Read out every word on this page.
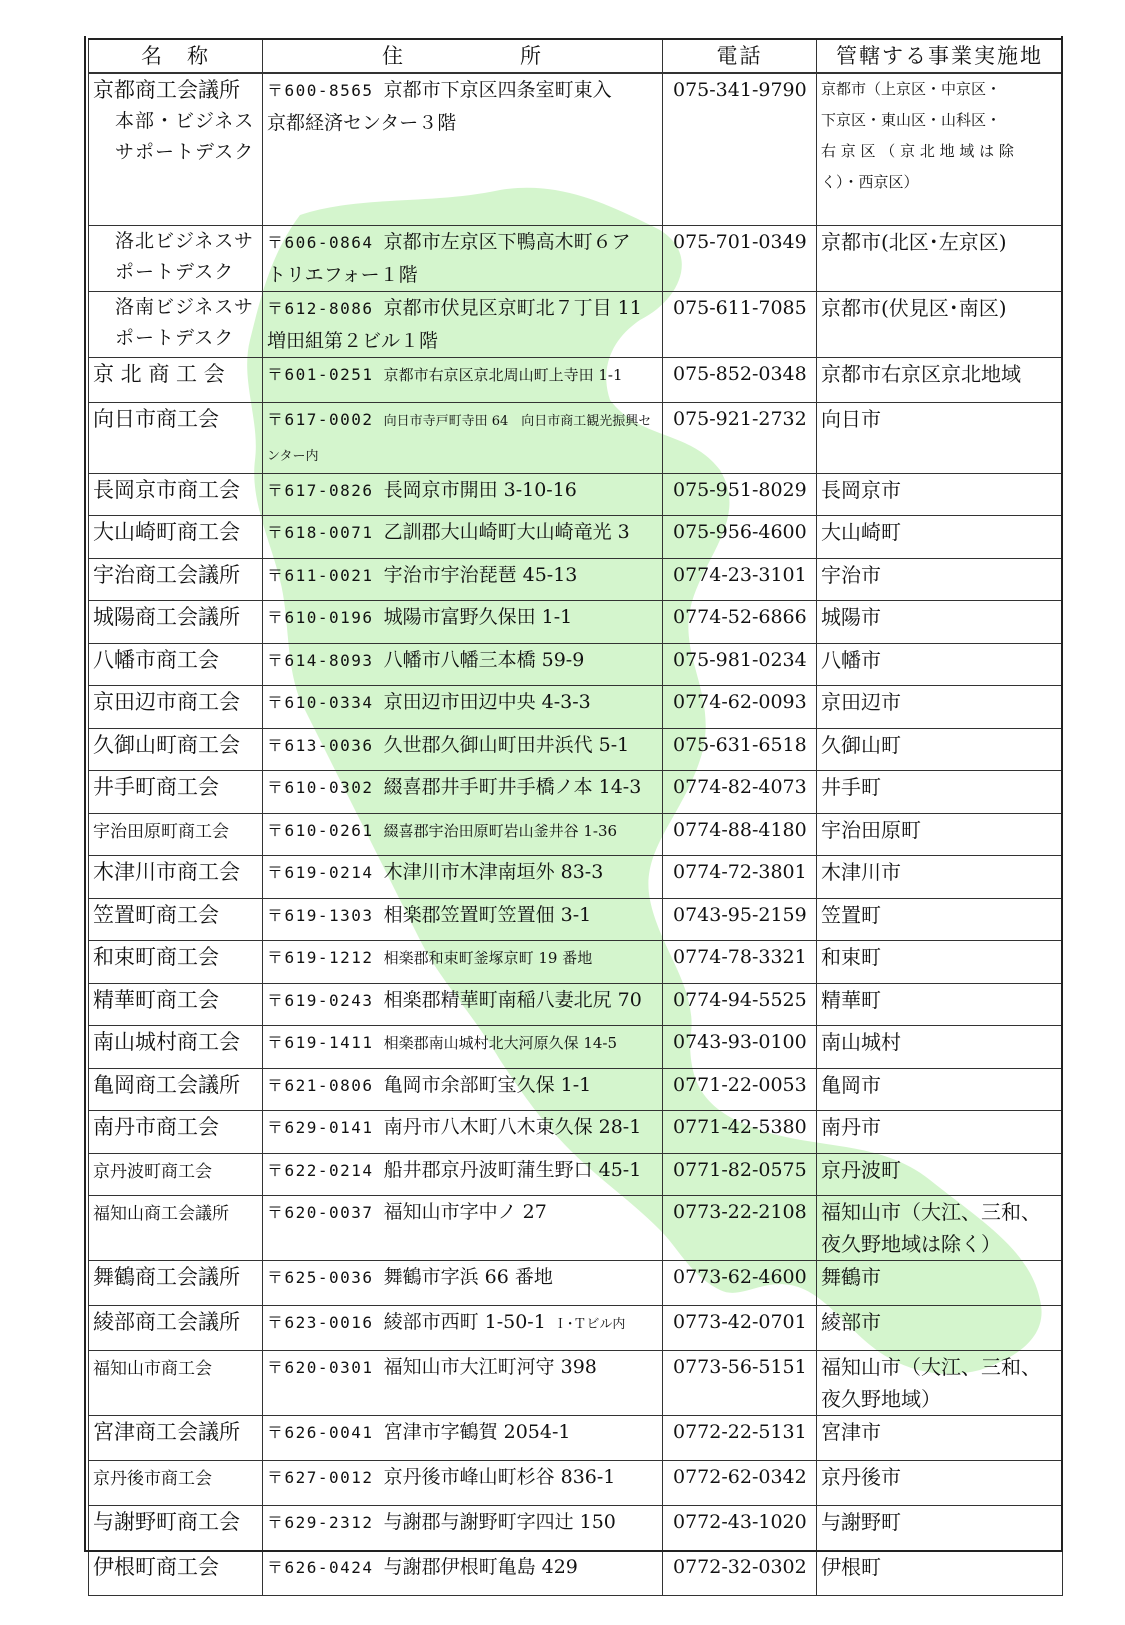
名　称	住　　　　　所	電話	管轄する事業実施地
京都商工会議所
本部・ビジネス
サポートデスク	〒600-8565 京都市下京区四条室町東入
京都経済センター３階	075-341-9790	京都市（上京区・中京区・
下京区・東山区・山科区・
右 京 区 （ 京 北 地 域 は 除
く）・西京区）

洛北ビジネスサ
ポートデスク	〒606-0864 京都市左京区下鴨高木町６ア
トリエフォー１階	075-701-0349	京都市(北区･左京区)

洛南ビジネスサ
ポートデスク	〒612-8086 京都市伏見区京町北７丁目 11
増田組第２ビル１階	075-611-7085	京都市(伏見区･南区)
京 北 商 工 会	〒601-0251 京都市右京区京北周山町上寺田 1-1	075-852-0348	京都市右京区京北地域
向日市商工会	〒617-0002 向日市寺戸町寺田 64　向日市商工観光振興センター内	075-921-2732	向日市
長岡京市商工会	〒617-0826 長岡京市開田 3-10-16	075-951-8029	長岡京市
大山崎町商工会	〒618-0071 乙訓郡大山崎町大山崎竜光 3	075-956-4600	大山崎町
宇治商工会議所	〒611-0021 宇治市宇治琵琶 45-13	0774-23-3101	宇治市
城陽商工会議所	〒610-0196 城陽市富野久保田 1-1	0774-52-6866	城陽市
八幡市商工会	〒614-8093 八幡市八幡三本橋 59-9	075-981-0234	八幡市
京田辺市商工会	〒610-0334 京田辺市田辺中央 4-3-3	0774-62-0093	京田辺市
久御山町商工会	〒613-0036 久世郡久御山町田井浜代 5-1	075-631-6518	久御山町
井手町商工会	〒610-0302 綴喜郡井手町井手橋ノ本 14-3	0774-82-4073	井手町
宇治田原町商工会	〒610-0261 綴喜郡宇治田原町岩山釜井谷 1-36	0774-88-4180	宇治田原町
木津川市商工会	〒619-0214 木津川市木津南垣外 83-3	0774-72-3801	木津川市
笠置町商工会	〒619-1303 相楽郡笠置町笠置佃 3-1	0743-95-2159	笠置町
和束町商工会	〒619-1212 相楽郡和束町釜塚京町 19 番地	0774-78-3321	和束町
精華町商工会	〒619-0243 相楽郡精華町南稲八妻北尻 70	0774-94-5525	精華町
南山城村商工会	〒619-1411 相楽郡南山城村北大河原久保 14-5	0743-93-0100	南山城村
亀岡商工会議所	〒621-0806 亀岡市余部町宝久保 1-1	0771-22-0053	亀岡市
南丹市商工会	〒629-0141 南丹市八木町八木東久保 28-1	0771-42-5380	南丹市
京丹波町商工会	〒622-0214 船井郡京丹波町蒲生野口 45-1	0771-82-0575	京丹波町
福知山商工会議所	〒620-0037 福知山市字中ノ 27	0773-22-2108	福知山市（大江、三和、
夜久野地域は除く）

舞鶴商工会議所	〒625-0036 舞鶴市字浜 66 番地	0773-62-4600	舞鶴市
綾部商工会議所	〒623-0016 綾部市西町 1-50-1 Ｉ･Ｔビル内	0773-42-0701	綾部市
福知山市商工会	〒620-0301 福知山市大江町河守 398	0773-56-5151	福知山市（大江、三和、
夜久野地域）

宮津商工会議所	〒626-0041 宮津市字鶴賀 2054-1	0772-22-5131	宮津市
京丹後市商工会	〒627-0012 京丹後市峰山町杉谷 836-1	0772-62-0342	京丹後市
与謝野町商工会	〒629-2312 与謝郡与謝野町字四辻 150	0772-43-1020	与謝野町
伊根町商工会	〒626-0424 与謝郡伊根町亀島 429	0772-32-0302	伊根町
